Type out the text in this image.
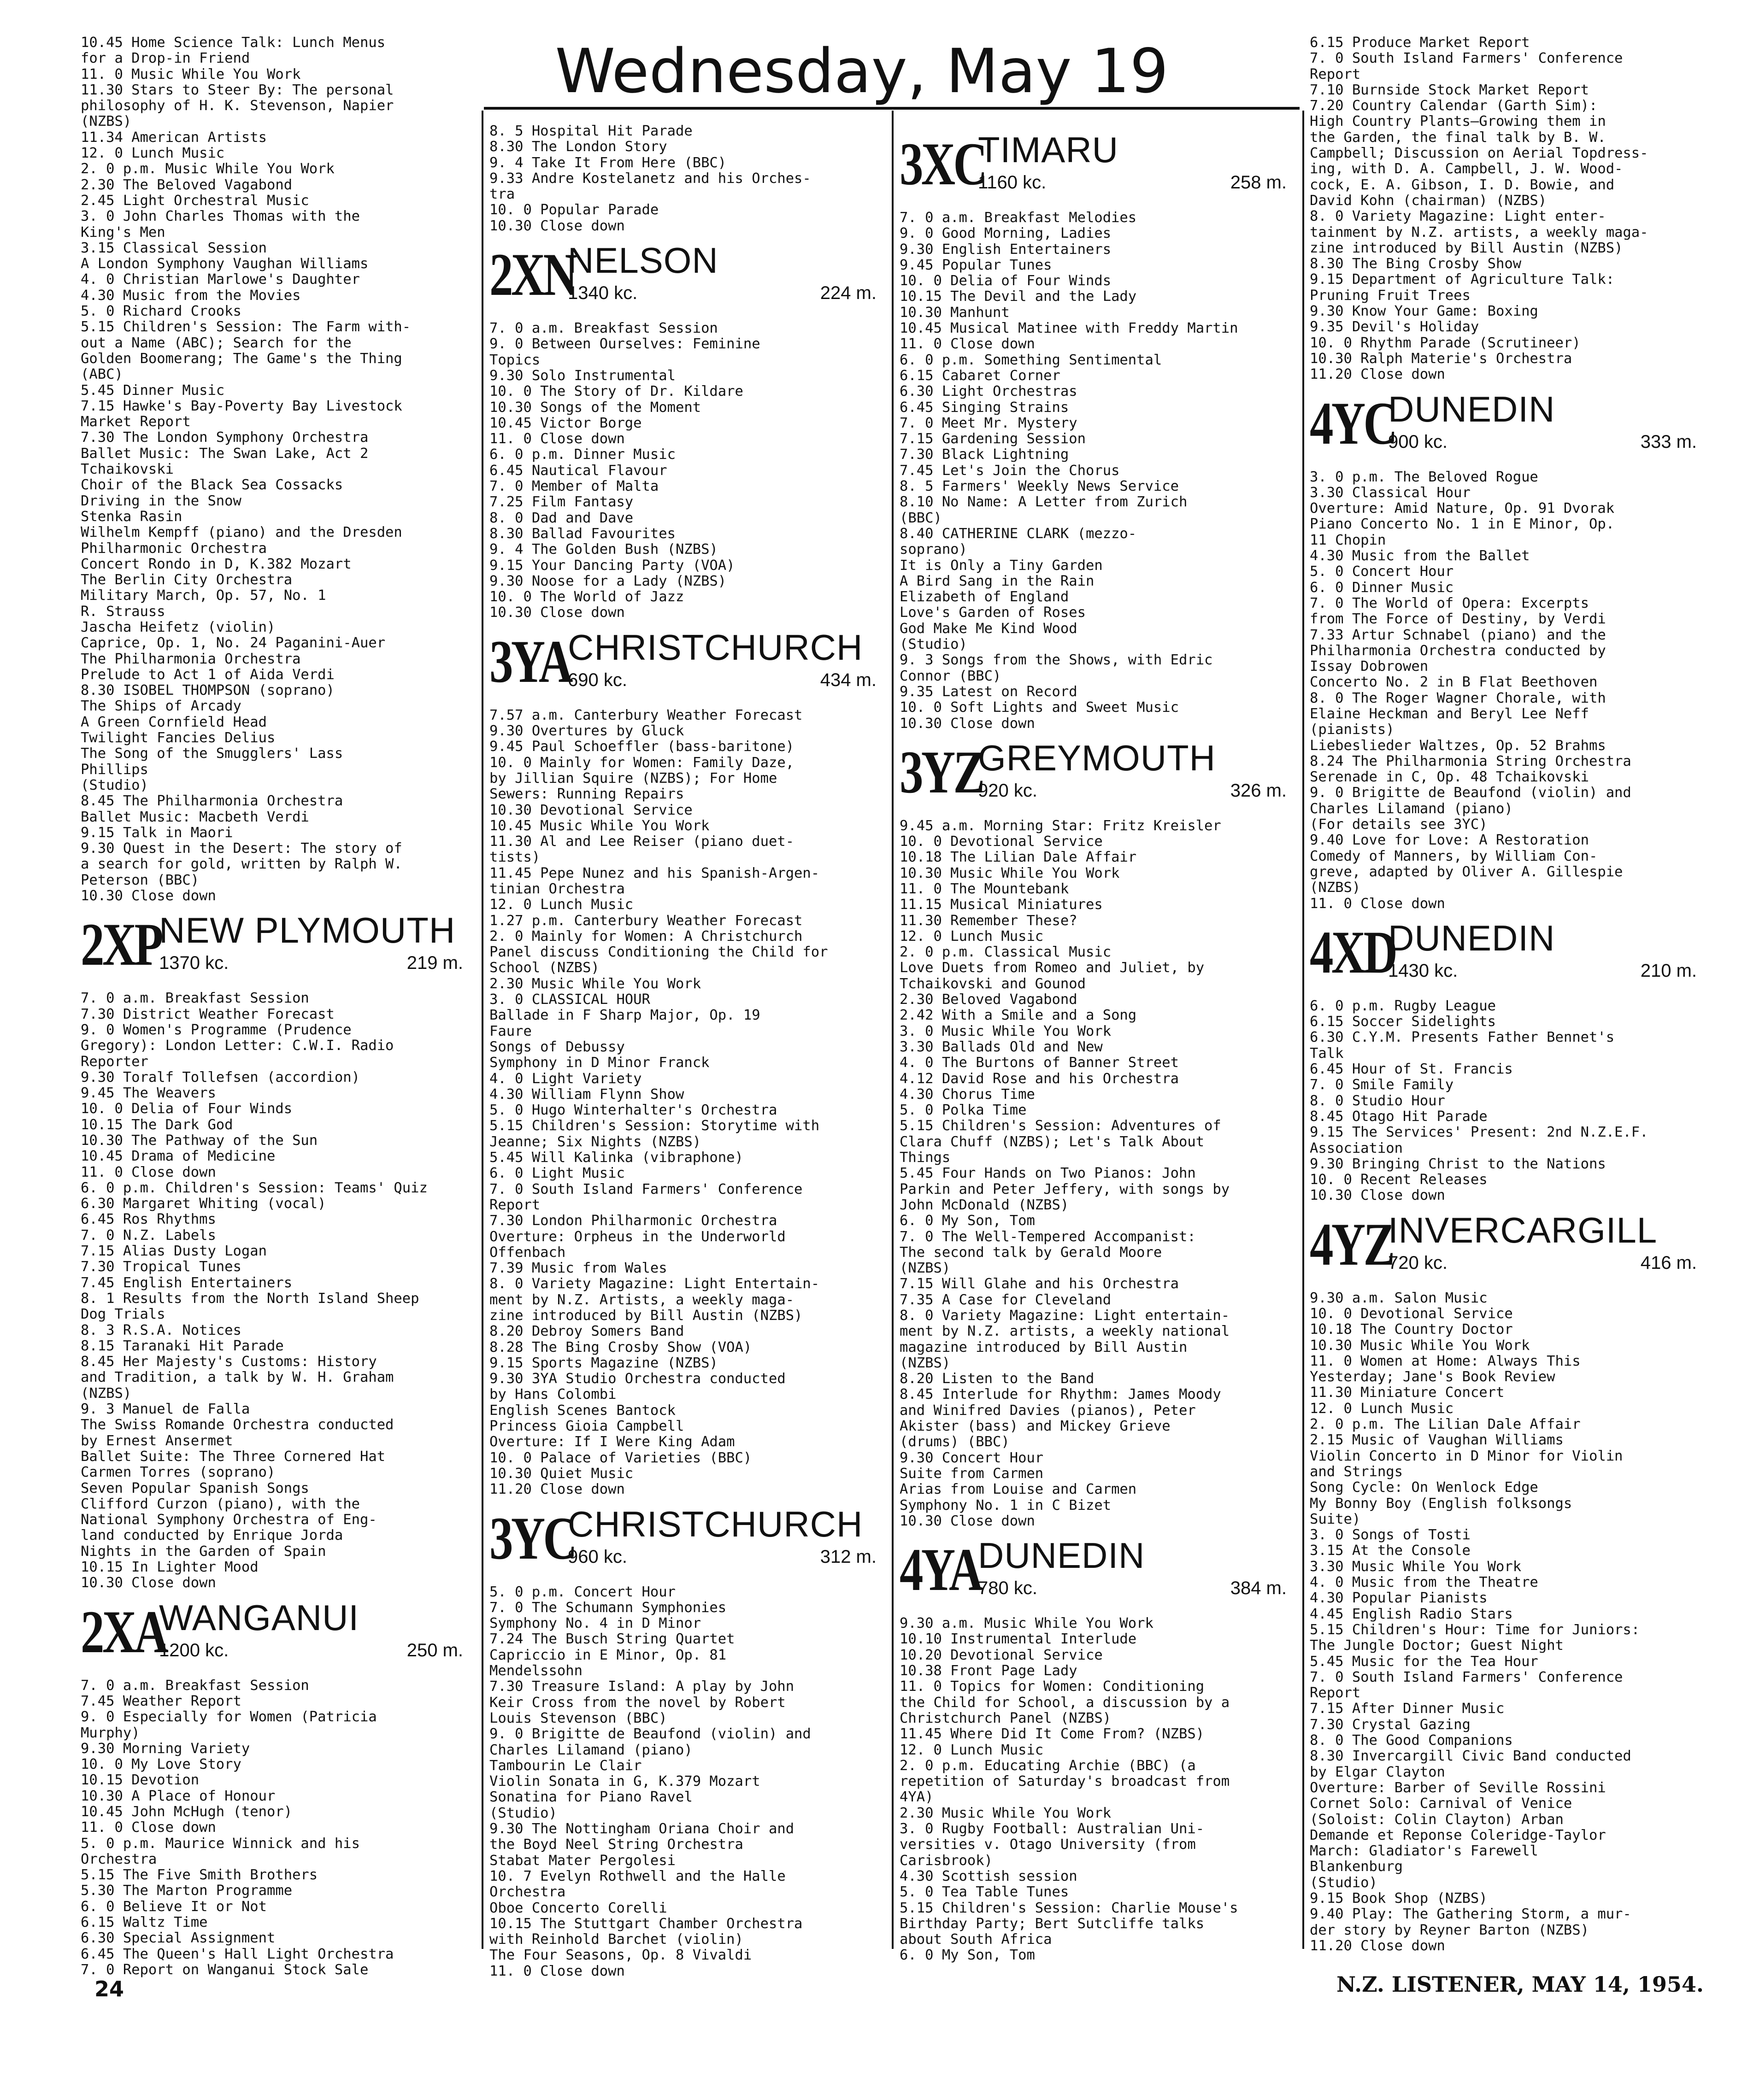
Wednesday, May 19
10.45 Home Science Talk: Lunch Menus
for a Drop-in Friend
11. 0 Music While You Work
11.30 Stars to Steer By: The personal
philosophy of H. K. Stevenson, Napier
(NZBS)
11.34 American Artists
12. 0 Lunch Music
2. 0 p.m. Music While You Work
2.30 The Beloved Vagabond
2.45 Light Orchestral Music
3. 0 John Charles Thomas with the
King's Men
3.15 Classical Session
A London Symphony Vaughan Williams
4. 0 Christian Marlowe's Daughter
4.30 Music from the Movies
5. 0 Richard Crooks
5.15 Children's Session: The Farm with-
out a Name (ABC); Search for the
Golden Boomerang; The Game's the Thing
(ABC)
5.45 Dinner Music
7.15 Hawke's Bay-Poverty Bay Livestock
Market Report
7.30 The London Symphony Orchestra
Ballet Music: The Swan Lake, Act 2
Tchaikovski
Choir of the Black Sea Cossacks
Driving in the Snow
Stenka Rasin
Wilhelm Kempff (piano) and the Dresden
Philharmonic Orchestra
Concert Rondo in D, K.382 Mozart
The Berlin City Orchestra
Military March, Op. 57, No. 1
R. Strauss
Jascha Heifetz (violin)
Caprice, Op. 1, No. 24 Paganini-Auer
The Philharmonia Orchestra
Prelude to Act 1 of Aida Verdi
8.30 ISOBEL THOMPSON (soprano)
The Ships of Arcady
A Green Cornfield Head
Twilight Fancies Delius
The Song of the Smugglers' Lass
Phillips
(Studio)
8.45 The Philharmonia Orchestra
Ballet Music: Macbeth Verdi
9.15 Talk in Maori
9.30 Quest in the Desert: The story of
a search for gold, written by Ralph W.
Peterson (BBC)
10.30 Close down
2XP
NEW PLYMOUTH
1370 kc.	219 m.
7. 0 a.m. Breakfast Session
7.30 District Weather Forecast
9. 0 Women's Programme (Prudence
Gregory): London Letter: C.W.I. Radio
Reporter
9.30 Toralf Tollefsen (accordion)
9.45 The Weavers
10. 0 Delia of Four Winds
10.15 The Dark God
10.30 The Pathway of the Sun
10.45 Drama of Medicine
11. 0 Close down
6. 0 p.m. Children's Session: Teams' Quiz
6.30 Margaret Whiting (vocal)
6.45 Ros Rhythms
7. 0 N.Z. Labels
7.15 Alias Dusty Logan
7.30 Tropical Tunes
7.45 English Entertainers
8. 1 Results from the North Island Sheep
Dog Trials
8. 3 R.S.A. Notices
8.15 Taranaki Hit Parade
8.45 Her Majesty's Customs: History
and Tradition, a talk by W. H. Graham
(NZBS)
9. 3 Manuel de Falla
The Swiss Romande Orchestra conducted
by Ernest Ansermet
Ballet Suite: The Three Cornered Hat
Carmen Torres (soprano)
Seven Popular Spanish Songs
Clifford Curzon (piano), with the
National Symphony Orchestra of Eng-
land conducted by Enrique Jorda
Nights in the Garden of Spain
10.15 In Lighter Mood
10.30 Close down
2XA
WANGANUI
1200 kc.	250 m.
7. 0 a.m. Breakfast Session
7.45 Weather Report
9. 0 Especially for Women (Patricia
Murphy)
9.30 Morning Variety
10. 0 My Love Story
10.15 Devotion
10.30 A Place of Honour
10.45 John McHugh (tenor)
11. 0 Close down
5. 0 p.m. Maurice Winnick and his
Orchestra
5.15 The Five Smith Brothers
5.30 The Marton Programme
6. 0 Believe It or Not
6.15 Waltz Time
6.30 Special Assignment
6.45 The Queen's Hall Light Orchestra
7. 0 Report on Wanganui Stock Sale
8. 5 Hospital Hit Parade
8.30 The London Story
9. 4 Take It From Here (BBC)
9.33 Andre Kostelanetz and his Orches-
tra
10. 0 Popular Parade
10.30 Close down
2XN
NELSON
1340 kc.	224 m.
7. 0 a.m. Breakfast Session
9. 0 Between Ourselves: Feminine
Topics
9.30 Solo Instrumental
10. 0 The Story of Dr. Kildare
10.30 Songs of the Moment
10.45 Victor Borge
11. 0 Close down
6. 0 p.m. Dinner Music
6.45 Nautical Flavour
7. 0 Member of Malta
7.25 Film Fantasy
8. 0 Dad and Dave
8.30 Ballad Favourites
9. 4 The Golden Bush (NZBS)
9.15 Your Dancing Party (VOA)
9.30 Noose for a Lady (NZBS)
10. 0 The World of Jazz
10.30 Close down
3YA
CHRISTCHURCH
690 kc.	434 m.
7.57 a.m. Canterbury Weather Forecast
9.30 Overtures by Gluck
9.45 Paul Schoeffler (bass-baritone)
10. 0 Mainly for Women: Family Daze,
by Jillian Squire (NZBS); For Home
Sewers: Running Repairs
10.30 Devotional Service
10.45 Music While You Work
11.30 Al and Lee Reiser (piano duet-
tists)
11.45 Pepe Nunez and his Spanish-Argen-
tinian Orchestra
12. 0 Lunch Music
1.27 p.m. Canterbury Weather Forecast
2. 0 Mainly for Women: A Christchurch
Panel discuss Conditioning the Child for
School (NZBS)
2.30 Music While You Work
3. 0 CLASSICAL HOUR
Ballade in F Sharp Major, Op. 19
Faure
Songs of Debussy
Symphony in D Minor Franck
4. 0 Light Variety
4.30 William Flynn Show
5. 0 Hugo Winterhalter's Orchestra
5.15 Children's Session: Storytime with
Jeanne; Six Nights (NZBS)
5.45 Will Kalinka (vibraphone)
6. 0 Light Music
7. 0 South Island Farmers' Conference
Report
7.30 London Philharmonic Orchestra
Overture: Orpheus in the Underworld
Offenbach
7.39 Music from Wales
8. 0 Variety Magazine: Light Entertain-
ment by N.Z. Artists, a weekly maga-
zine introduced by Bill Austin (NZBS)
8.20 Debroy Somers Band
8.28 The Bing Crosby Show (VOA)
9.15 Sports Magazine (NZBS)
9.30 3YA Studio Orchestra conducted
by Hans Colombi
English Scenes Bantock
Princess Gioia Campbell
Overture: If I Were King Adam
10. 0 Palace of Varieties (BBC)
10.30 Quiet Music
11.20 Close down
3YC
CHRISTCHURCH
960 kc.	312 m.
5. 0 p.m. Concert Hour
7. 0 The Schumann Symphonies
Symphony No. 4 in D Minor
7.24 The Busch String Quartet
Capriccio in E Minor, Op. 81
Mendelssohn
7.30 Treasure Island: A play by John
Keir Cross from the novel by Robert
Louis Stevenson (BBC)
9. 0 Brigitte de Beaufond (violin) and
Charles Lilamand (piano)
Tambourin Le Clair
Violin Sonata in G, K.379 Mozart
Sonatina for Piano Ravel
(Studio)
9.30 The Nottingham Oriana Choir and
the Boyd Neel String Orchestra
Stabat Mater Pergolesi
10. 7 Evelyn Rothwell and the Halle
Orchestra
Oboe Concerto Corelli
10.15 The Stuttgart Chamber Orchestra
with Reinhold Barchet (violin)
The Four Seasons, Op. 8 Vivaldi
11. 0 Close down
3XC
TIMARU
1160 kc.	258 m.
7. 0 a.m. Breakfast Melodies
9. 0 Good Morning, Ladies
9.30 English Entertainers
9.45 Popular Tunes
10. 0 Delia of Four Winds
10.15 The Devil and the Lady
10.30 Manhunt
10.45 Musical Matinee with Freddy Martin
11. 0 Close down
6. 0 p.m. Something Sentimental
6.15 Cabaret Corner
6.30 Light Orchestras
6.45 Singing Strains
7. 0 Meet Mr. Mystery
7.15 Gardening Session
7.30 Black Lightning
7.45 Let's Join the Chorus
8. 5 Farmers' Weekly News Service
8.10 No Name: A Letter from Zurich
(BBC)
8.40 CATHERINE CLARK (mezzo-
soprano)
It is Only a Tiny Garden
A Bird Sang in the Rain
Elizabeth of England
Love's Garden of Roses
God Make Me Kind Wood
(Studio)
9. 3 Songs from the Shows, with Edric
Connor (BBC)
9.35 Latest on Record
10. 0 Soft Lights and Sweet Music
10.30 Close down
3YZ
GREYMOUTH
920 kc.	326 m.
9.45 a.m. Morning Star: Fritz Kreisler
10. 0 Devotional Service
10.18 The Lilian Dale Affair
10.30 Music While You Work
11. 0 The Mountebank
11.15 Musical Miniatures
11.30 Remember These?
12. 0 Lunch Music
2. 0 p.m. Classical Music
Love Duets from Romeo and Juliet, by
Tchaikovski and Gounod
2.30 Beloved Vagabond
2.42 With a Smile and a Song
3. 0 Music While You Work
3.30 Ballads Old and New
4. 0 The Burtons of Banner Street
4.12 David Rose and his Orchestra
4.30 Chorus Time
5. 0 Polka Time
5.15 Children's Session: Adventures of
Clara Chuff (NZBS); Let's Talk About
Things
5.45 Four Hands on Two Pianos: John
Parkin and Peter Jeffery, with songs by
John McDonald (NZBS)
6. 0 My Son, Tom
7. 0 The Well-Tempered Accompanist:
The second talk by Gerald Moore
(NZBS)
7.15 Will Glahe and his Orchestra
7.35 A Case for Cleveland
8. 0 Variety Magazine: Light entertain-
ment by N.Z. artists, a weekly national
magazine introduced by Bill Austin
(NZBS)
8.20 Listen to the Band
8.45 Interlude for Rhythm: James Moody
and Winifred Davies (pianos), Peter
Akister (bass) and Mickey Grieve
(drums) (BBC)
9.30 Concert Hour
Suite from Carmen
Arias from Louise and Carmen
Symphony No. 1 in C Bizet
10.30 Close down
4YA
DUNEDIN
780 kc.	384 m.
9.30 a.m. Music While You Work
10.10 Instrumental Interlude
10.20 Devotional Service
10.38 Front Page Lady
11. 0 Topics for Women: Conditioning
the Child for School, a discussion by a
Christchurch Panel (NZBS)
11.45 Where Did It Come From? (NZBS)
12. 0 Lunch Music
2. 0 p.m. Educating Archie (BBC) (a
repetition of Saturday's broadcast from
4YA)
2.30 Music While You Work
3. 0 Rugby Football: Australian Uni-
versities v. Otago University (from
Carisbrook)
4.30 Scottish session
5. 0 Tea Table Tunes
5.15 Children's Session: Charlie Mouse's
Birthday Party; Bert Sutcliffe talks
about South Africa
6. 0 My Son, Tom
6.15 Produce Market Report
7. 0 South Island Farmers' Conference
Report
7.10 Burnside Stock Market Report
7.20 Country Calendar (Garth Sim):
High Country Plants—Growing them in
the Garden, the final talk by B. W.
Campbell; Discussion on Aerial Topdress-
ing, with D. A. Campbell, J. W. Wood-
cock, E. A. Gibson, I. D. Bowie, and
David Kohn (chairman) (NZBS)
8. 0 Variety Magazine: Light enter-
tainment by N.Z. artists, a weekly maga-
zine introduced by Bill Austin (NZBS)
8.30 The Bing Crosby Show
9.15 Department of Agriculture Talk:
Pruning Fruit Trees
9.30 Know Your Game: Boxing
9.35 Devil's Holiday
10. 0 Rhythm Parade (Scrutineer)
10.30 Ralph Materie's Orchestra
11.20 Close down
4YC
DUNEDIN
900 kc.	333 m.
3. 0 p.m. The Beloved Rogue
3.30 Classical Hour
Overture: Amid Nature, Op. 91 Dvorak
Piano Concerto No. 1 in E Minor, Op.
11 Chopin
4.30 Music from the Ballet
5. 0 Concert Hour
6. 0 Dinner Music
7. 0 The World of Opera: Excerpts
from The Force of Destiny, by Verdi
7.33 Artur Schnabel (piano) and the
Philharmonia Orchestra conducted by
Issay Dobrowen
Concerto No. 2 in B Flat Beethoven
8. 0 The Roger Wagner Chorale, with
Elaine Heckman and Beryl Lee Neff
(pianists)
Liebeslieder Waltzes, Op. 52 Brahms
8.24 The Philharmonia String Orchestra
Serenade in C, Op. 48 Tchaikovski
9. 0 Brigitte de Beaufond (violin) and
Charles Lilamand (piano)
(For details see 3YC)
9.40 Love for Love: A Restoration
Comedy of Manners, by William Con-
greve, adapted by Oliver A. Gillespie
(NZBS)
11. 0 Close down
4XD
DUNEDIN
1430 kc.	210 m.
6. 0 p.m. Rugby League
6.15 Soccer Sidelights
6.30 C.Y.M. Presents Father Bennet's
Talk
6.45 Hour of St. Francis
7. 0 Smile Family
8. 0 Studio Hour
8.45 Otago Hit Parade
9.15 The Services' Present: 2nd N.Z.E.F.
Association
9.30 Bringing Christ to the Nations
10. 0 Recent Releases
10.30 Close down
4YZ
INVERCARGILL
720 kc.	416 m.
9.30 a.m. Salon Music
10. 0 Devotional Service
10.18 The Country Doctor
10.30 Music While You Work
11. 0 Women at Home: Always This
Yesterday; Jane's Book Review
11.30 Miniature Concert
12. 0 Lunch Music
2. 0 p.m. The Lilian Dale Affair
2.15 Music of Vaughan Williams
Violin Concerto in D Minor for Violin
and Strings
Song Cycle: On Wenlock Edge
My Bonny Boy (English folksongs
Suite)
3. 0 Songs of Tosti
3.15 At the Console
3.30 Music While You Work
4. 0 Music from the Theatre
4.30 Popular Pianists
4.45 English Radio Stars
5.15 Children's Hour: Time for Juniors:
The Jungle Doctor; Guest Night
5.45 Music for the Tea Hour
7. 0 South Island Farmers' Conference
Report
7.15 After Dinner Music
7.30 Crystal Gazing
8. 0 The Good Companions
8.30 Invercargill Civic Band conducted
by Elgar Clayton
Overture: Barber of Seville Rossini
Cornet Solo: Carnival of Venice
(Soloist: Colin Clayton) Arban
Demande et Reponse Coleridge-Taylor
March: Gladiator's Farewell
Blankenburg
(Studio)
9.15 Book Shop (NZBS)
9.40 Play: The Gathering Storm, a mur-
der story by Reyner Barton (NZBS)
11.20 Close down
24	N.Z. LISTENER, MAY 14, 1954.
